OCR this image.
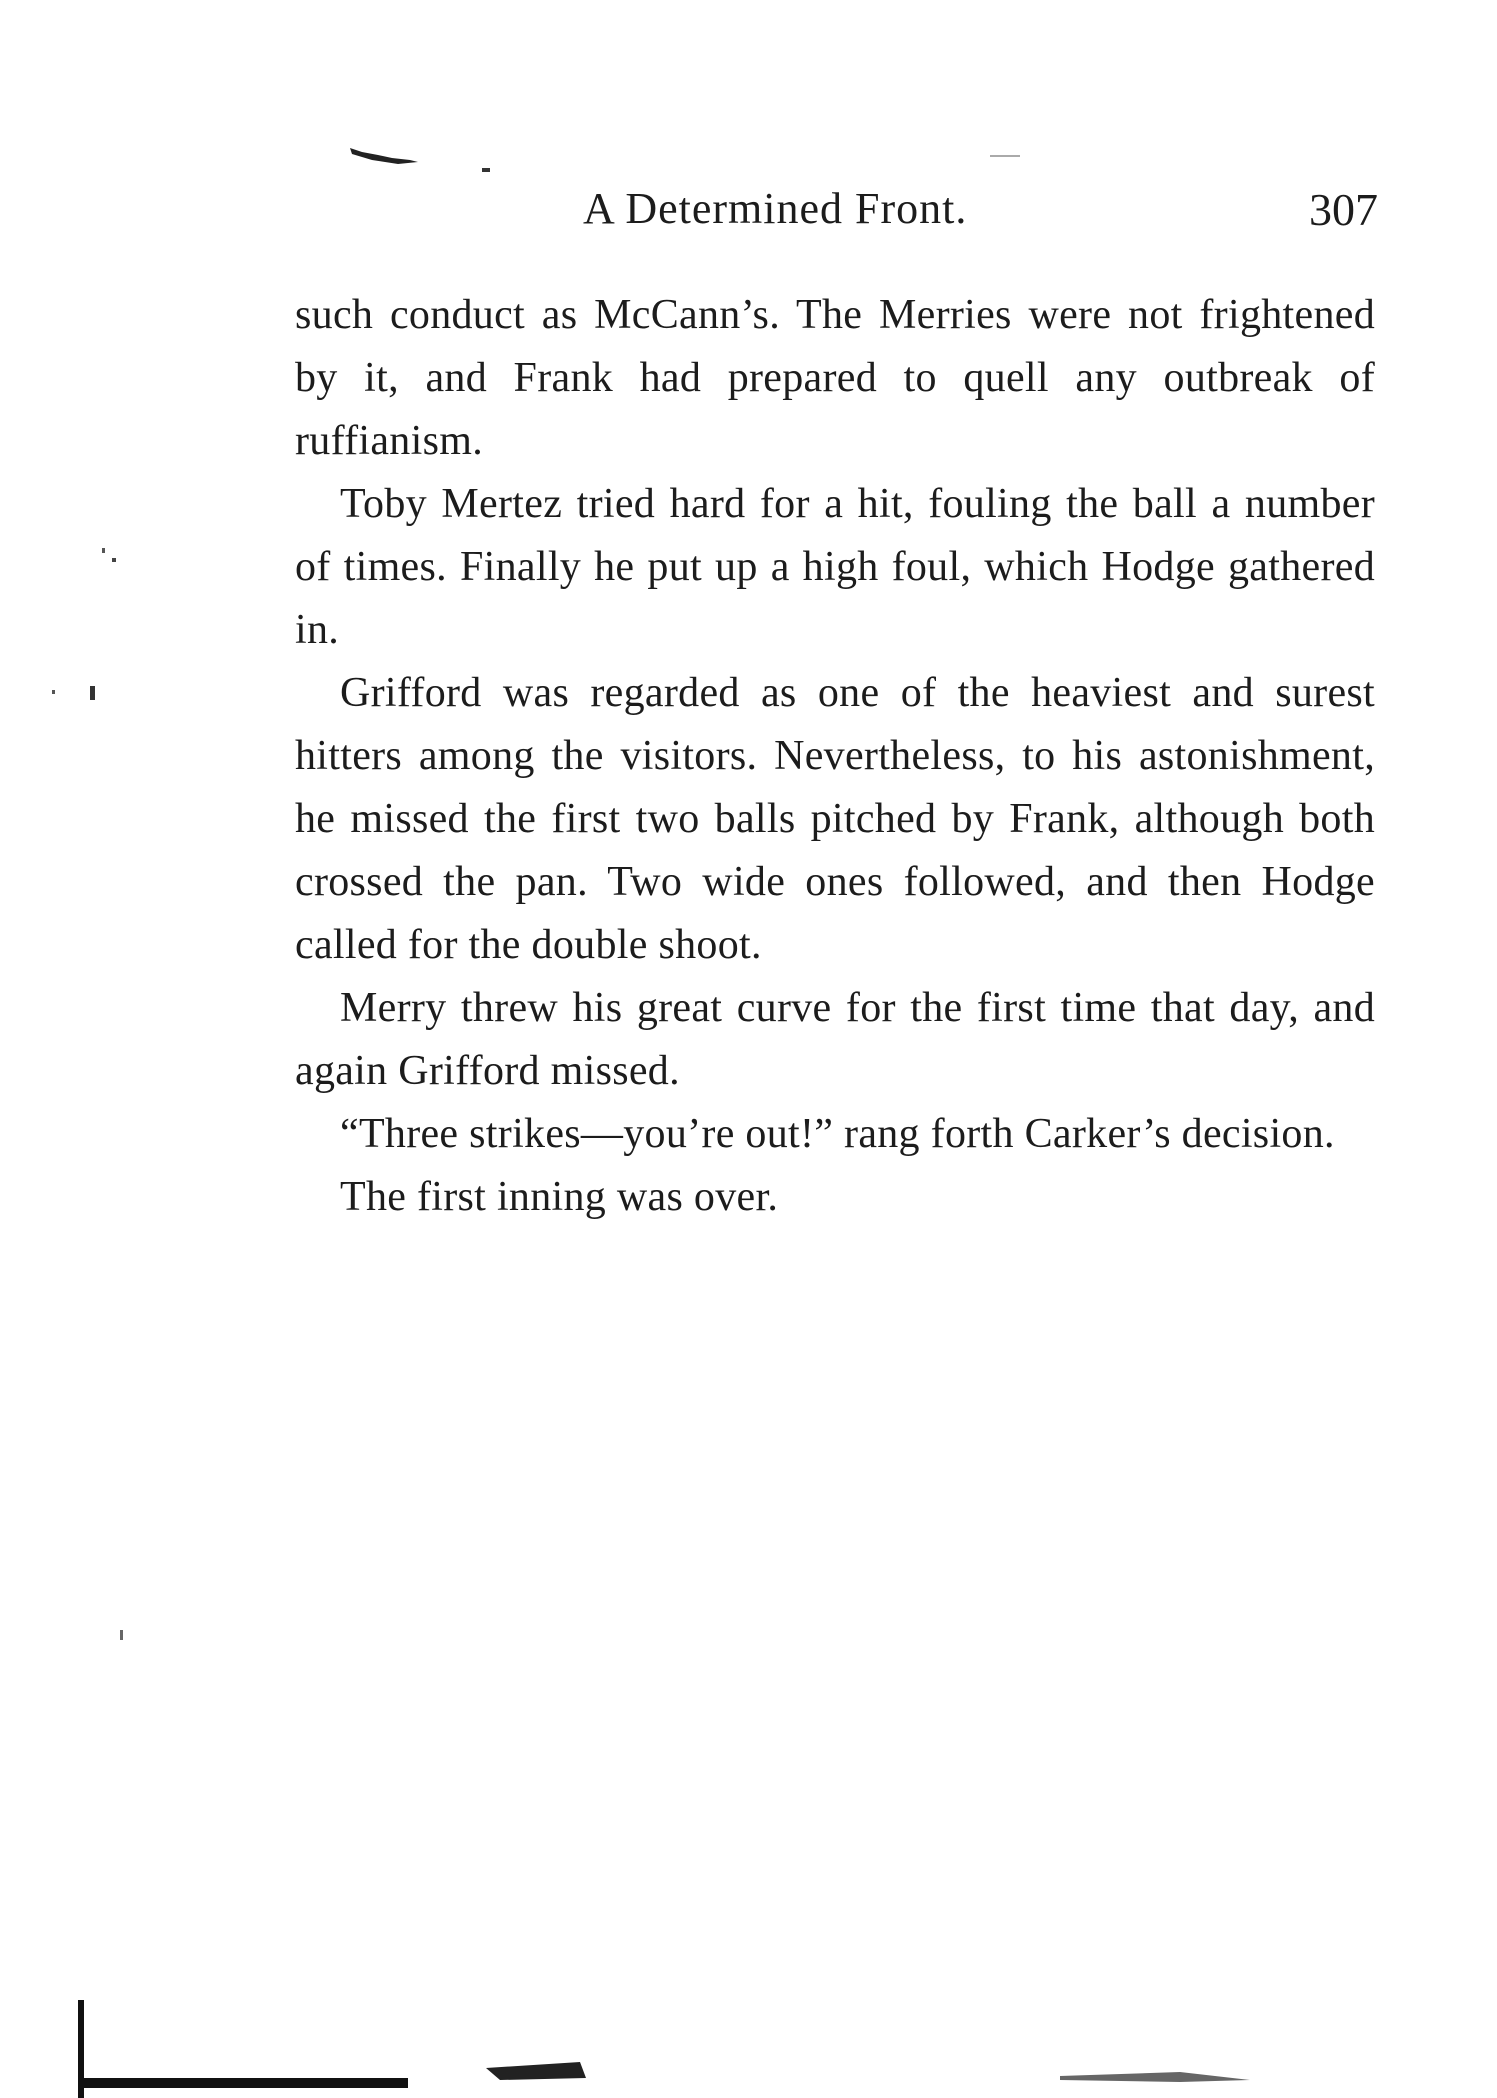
A Determined Front.	307

such conduct as McCann’s. The Merries were not frightened by it, and Frank had prepared to quell any outbreak of ruffianism.

Toby Mertez tried hard for a hit, fouling the ball a number of times. Finally he put up a high foul, which Hodge gathered in.

Grifford was regarded as one of the heaviest and surest hitters among the visitors. Nevertheless, to his astonishment, he missed the first two balls pitched by Frank, although both crossed the pan. Two wide ones followed, and then Hodge called for the double shoot.

Merry threw his great curve for the first time that day, and again Grifford missed.

“Three strikes—you’re out!” rang forth Carker’s decision.

The first inning was over.
